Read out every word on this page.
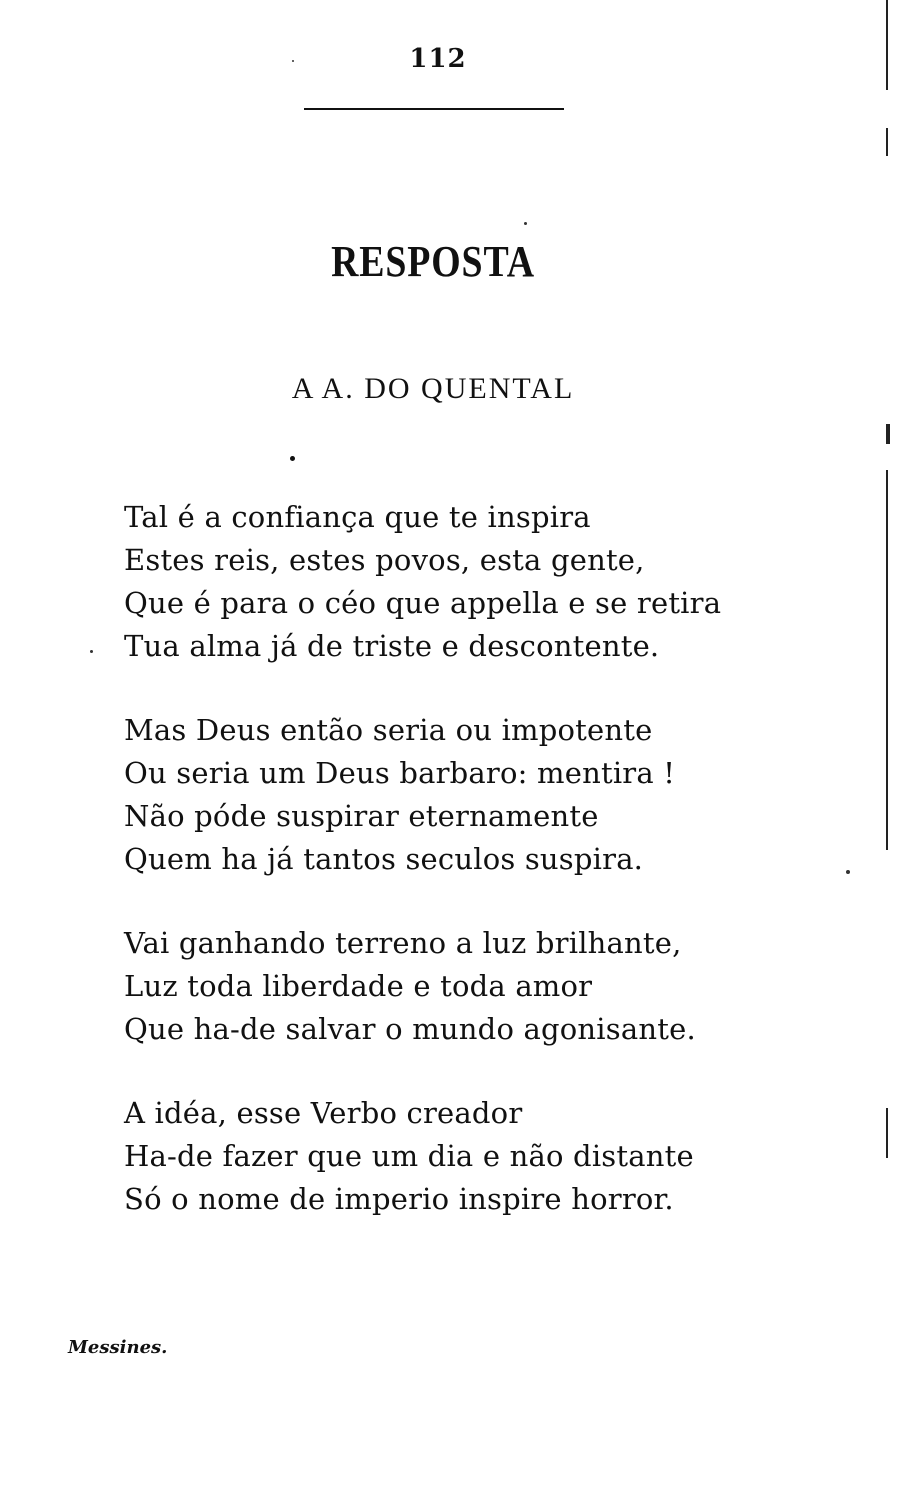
112
RESPOSTA
A A. DO QUENTAL
Tal é a confiança que te inspira
Estes reis, estes povos, esta gente,
Que é para o céo que appella e se retira
Tua alma já de triste e descontente.
Mas Deus então seria ou impotente
Ou seria um Deus barbaro: mentira !
Não póde suspirar eternamente
Quem ha já tantos seculos suspira.
Vai ganhando terreno a luz brilhante,
Luz toda liberdade e toda amor
Que ha-de salvar o mundo agonisante.
A idéa, esse Verbo creador
Ha-de fazer que um dia e não distante
Só o nome de imperio inspire horror.
Messines.
